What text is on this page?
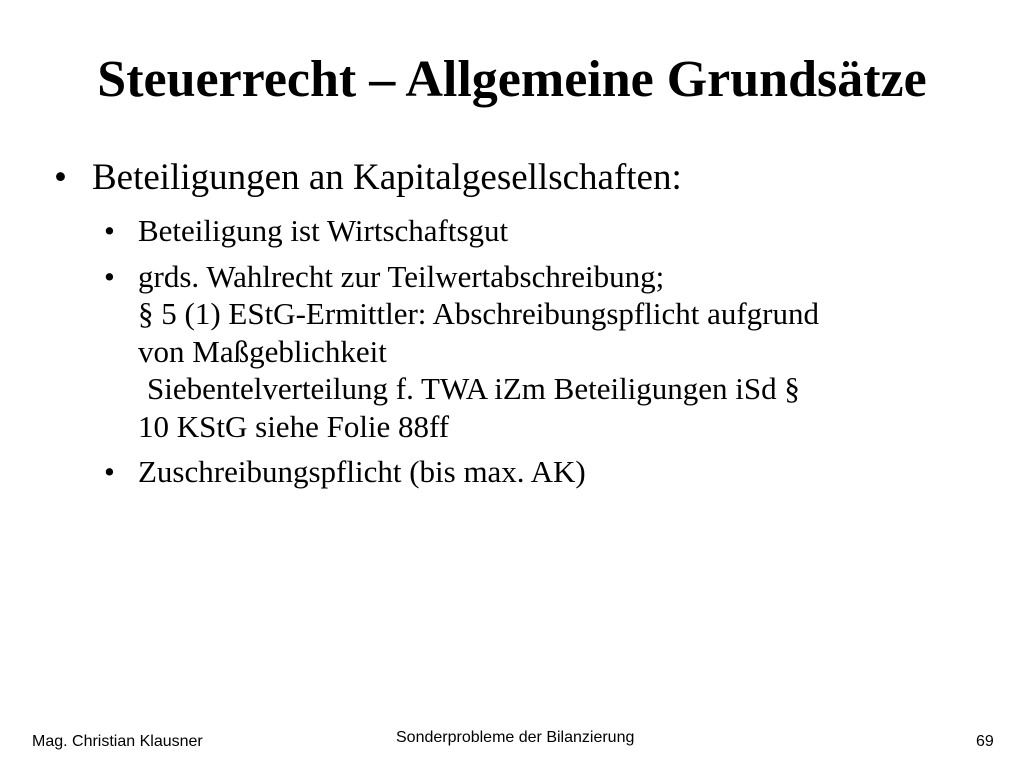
Steuerrecht – Allgemeine Grundsätze
• Beteiligungen an Kapitalgesellschaften:
• Beteiligung ist Wirtschaftsgut
• grds. Wahlrecht zur Teilwertabschreibung;
§ 5 (1) EStG-Ermittler: Abschreibungspflicht aufgrund
von Maßgeblichkeit
Siebentelverteilung f. TWA iZm Beteiligungen iSd §
10 KStG siehe Folie 88ff
• Zuschreibungspflicht (bis max. AK)
Mag. Christian Klausner	Sonderprobleme der Bilanzierung	69
